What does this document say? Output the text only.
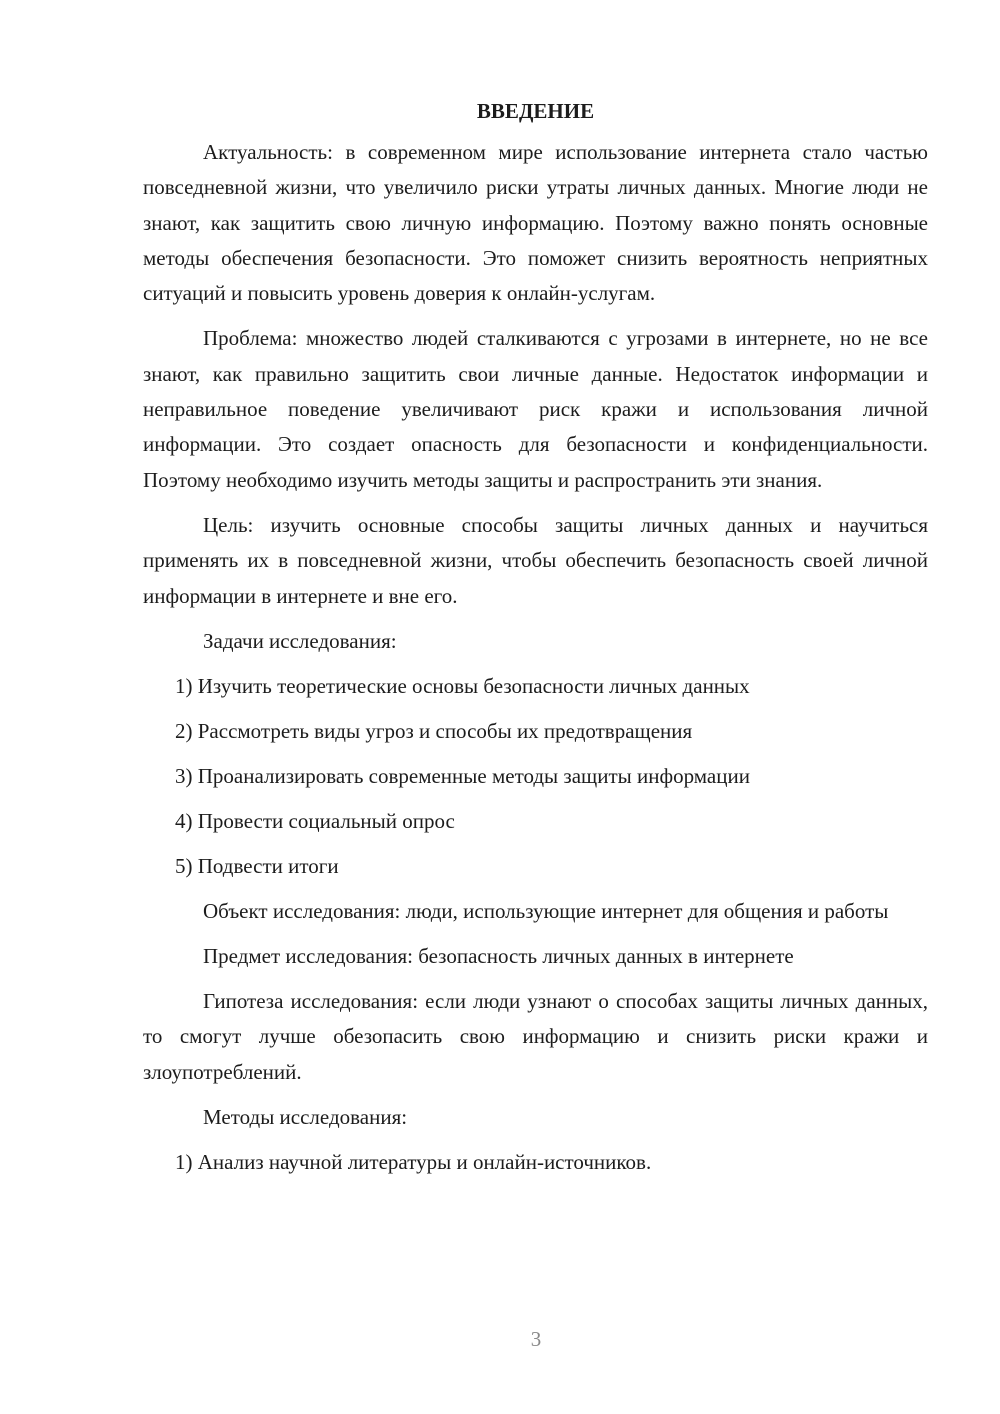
ВВЕДЕНИЕ

Актуальность: в современном мире использование интернета стало частью повседневной жизни, что увеличило риски утраты личных данных. Многие люди не знают, как защитить свою личную информацию. Поэтому важно понять основные методы обеспечения безопасности. Это поможет снизить вероятность неприятных ситуаций и повысить уровень доверия к онлайн-услугам.

Проблема: множество людей сталкиваются с угрозами в интернете, но не все знают, как правильно защитить свои личные данные. Недостаток информации и неправильное поведение увеличивают риск кражи и использования личной информации. Это создает опасность для безопасности и конфиденциальности. Поэтому необходимо изучить методы защиты и распространить эти знания.

Цель: изучить основные способы защиты личных данных и научиться применять их в повседневной жизни, чтобы обеспечить безопасность своей личной информации в интернете и вне его.

Задачи исследования:

1) Изучить теоретические основы безопасности личных данных

2) Рассмотреть виды угроз и способы их предотвращения

3) Проанализировать современные методы защиты информации

4) Провести социальный опрос

5) Подвести итоги

Объект исследования: люди, использующие интернет для общения и работы

Предмет исследования: безопасность личных данных в интернете

Гипотеза исследования: если люди узнают о способах защиты личных данных, то смогут лучше обезопасить свою информацию и снизить риски кражи и злоупотреблений.

Методы исследования:

1) Анализ научной литературы и онлайн-источников.

3
